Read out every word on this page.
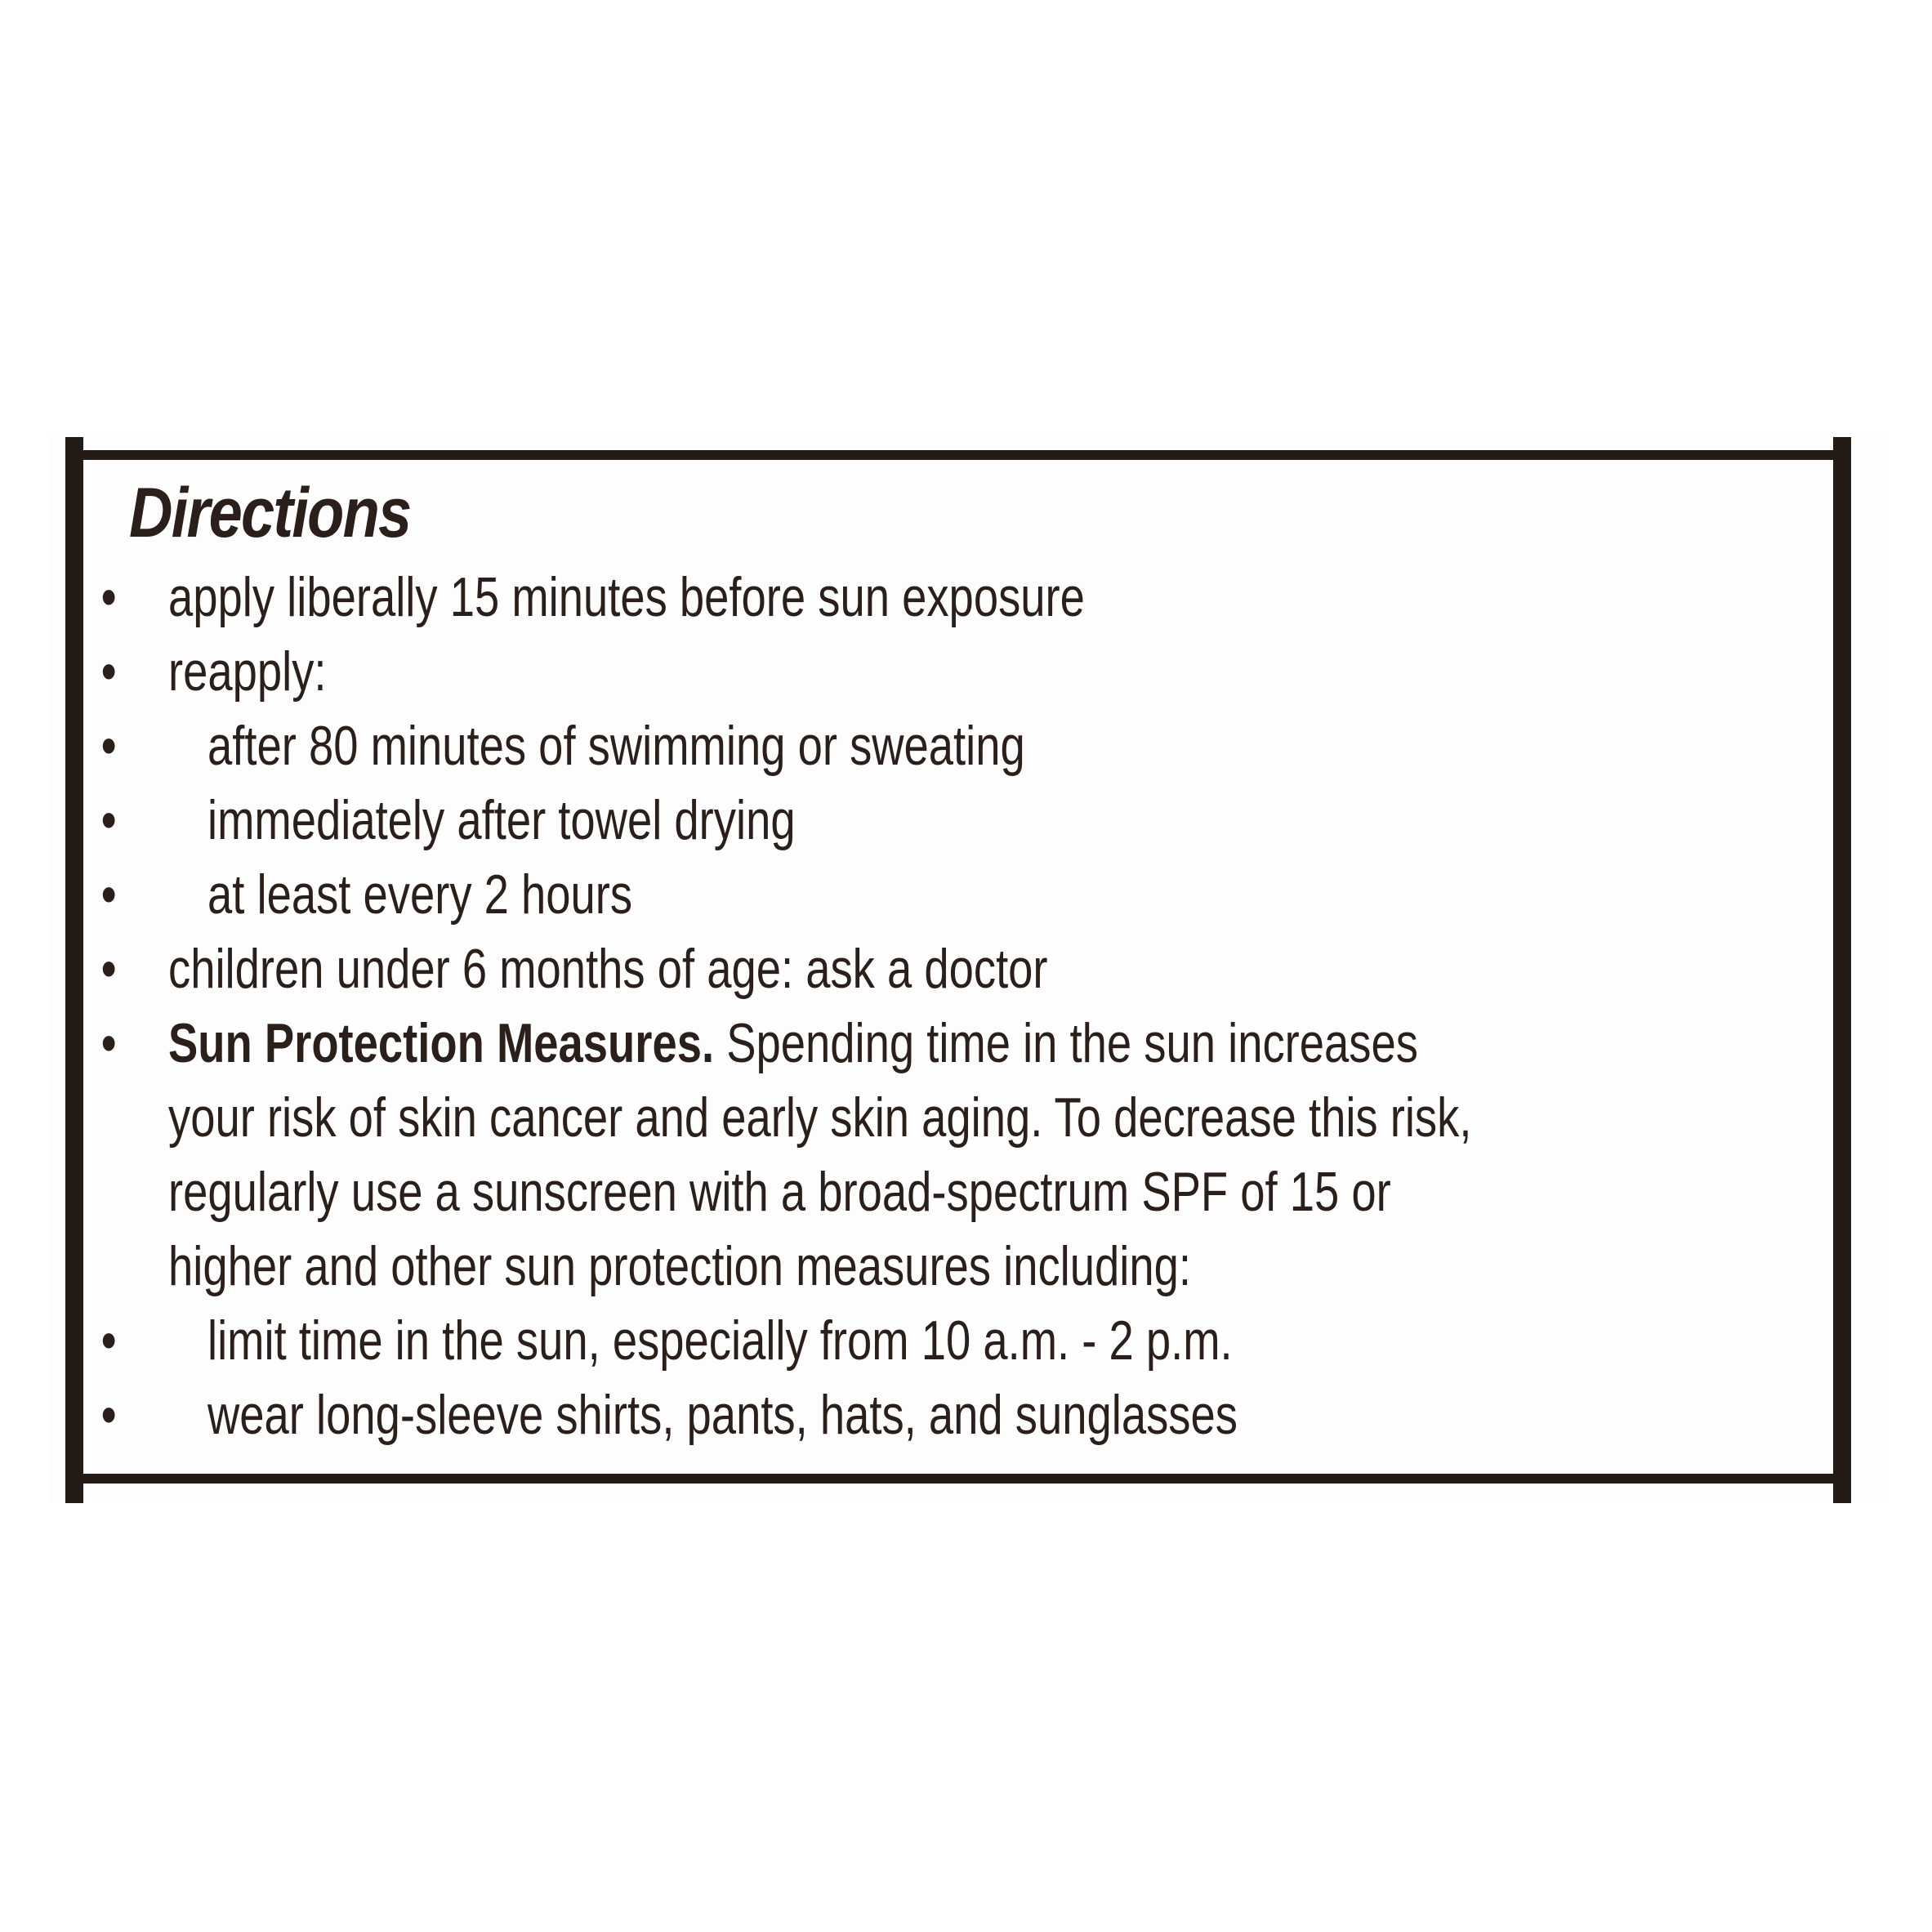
Directions
• apply liberally 15 minutes before sun exposure
• reapply:
• after 80 minutes of swimming or sweating
• immediately after towel drying
• at least every 2 hours
• children under 6 months of age: ask a doctor
• Sun Protection Measures. Spending time in the sun increases
your risk of skin cancer and early skin aging. To decrease this risk,
regularly use a sunscreen with a broad-spectrum SPF of 15 or
higher and other sun protection measures including:
• limit time in the sun, especially from 10 a.m. - 2 p.m.
• wear long-sleeve shirts, pants, hats, and sunglasses
